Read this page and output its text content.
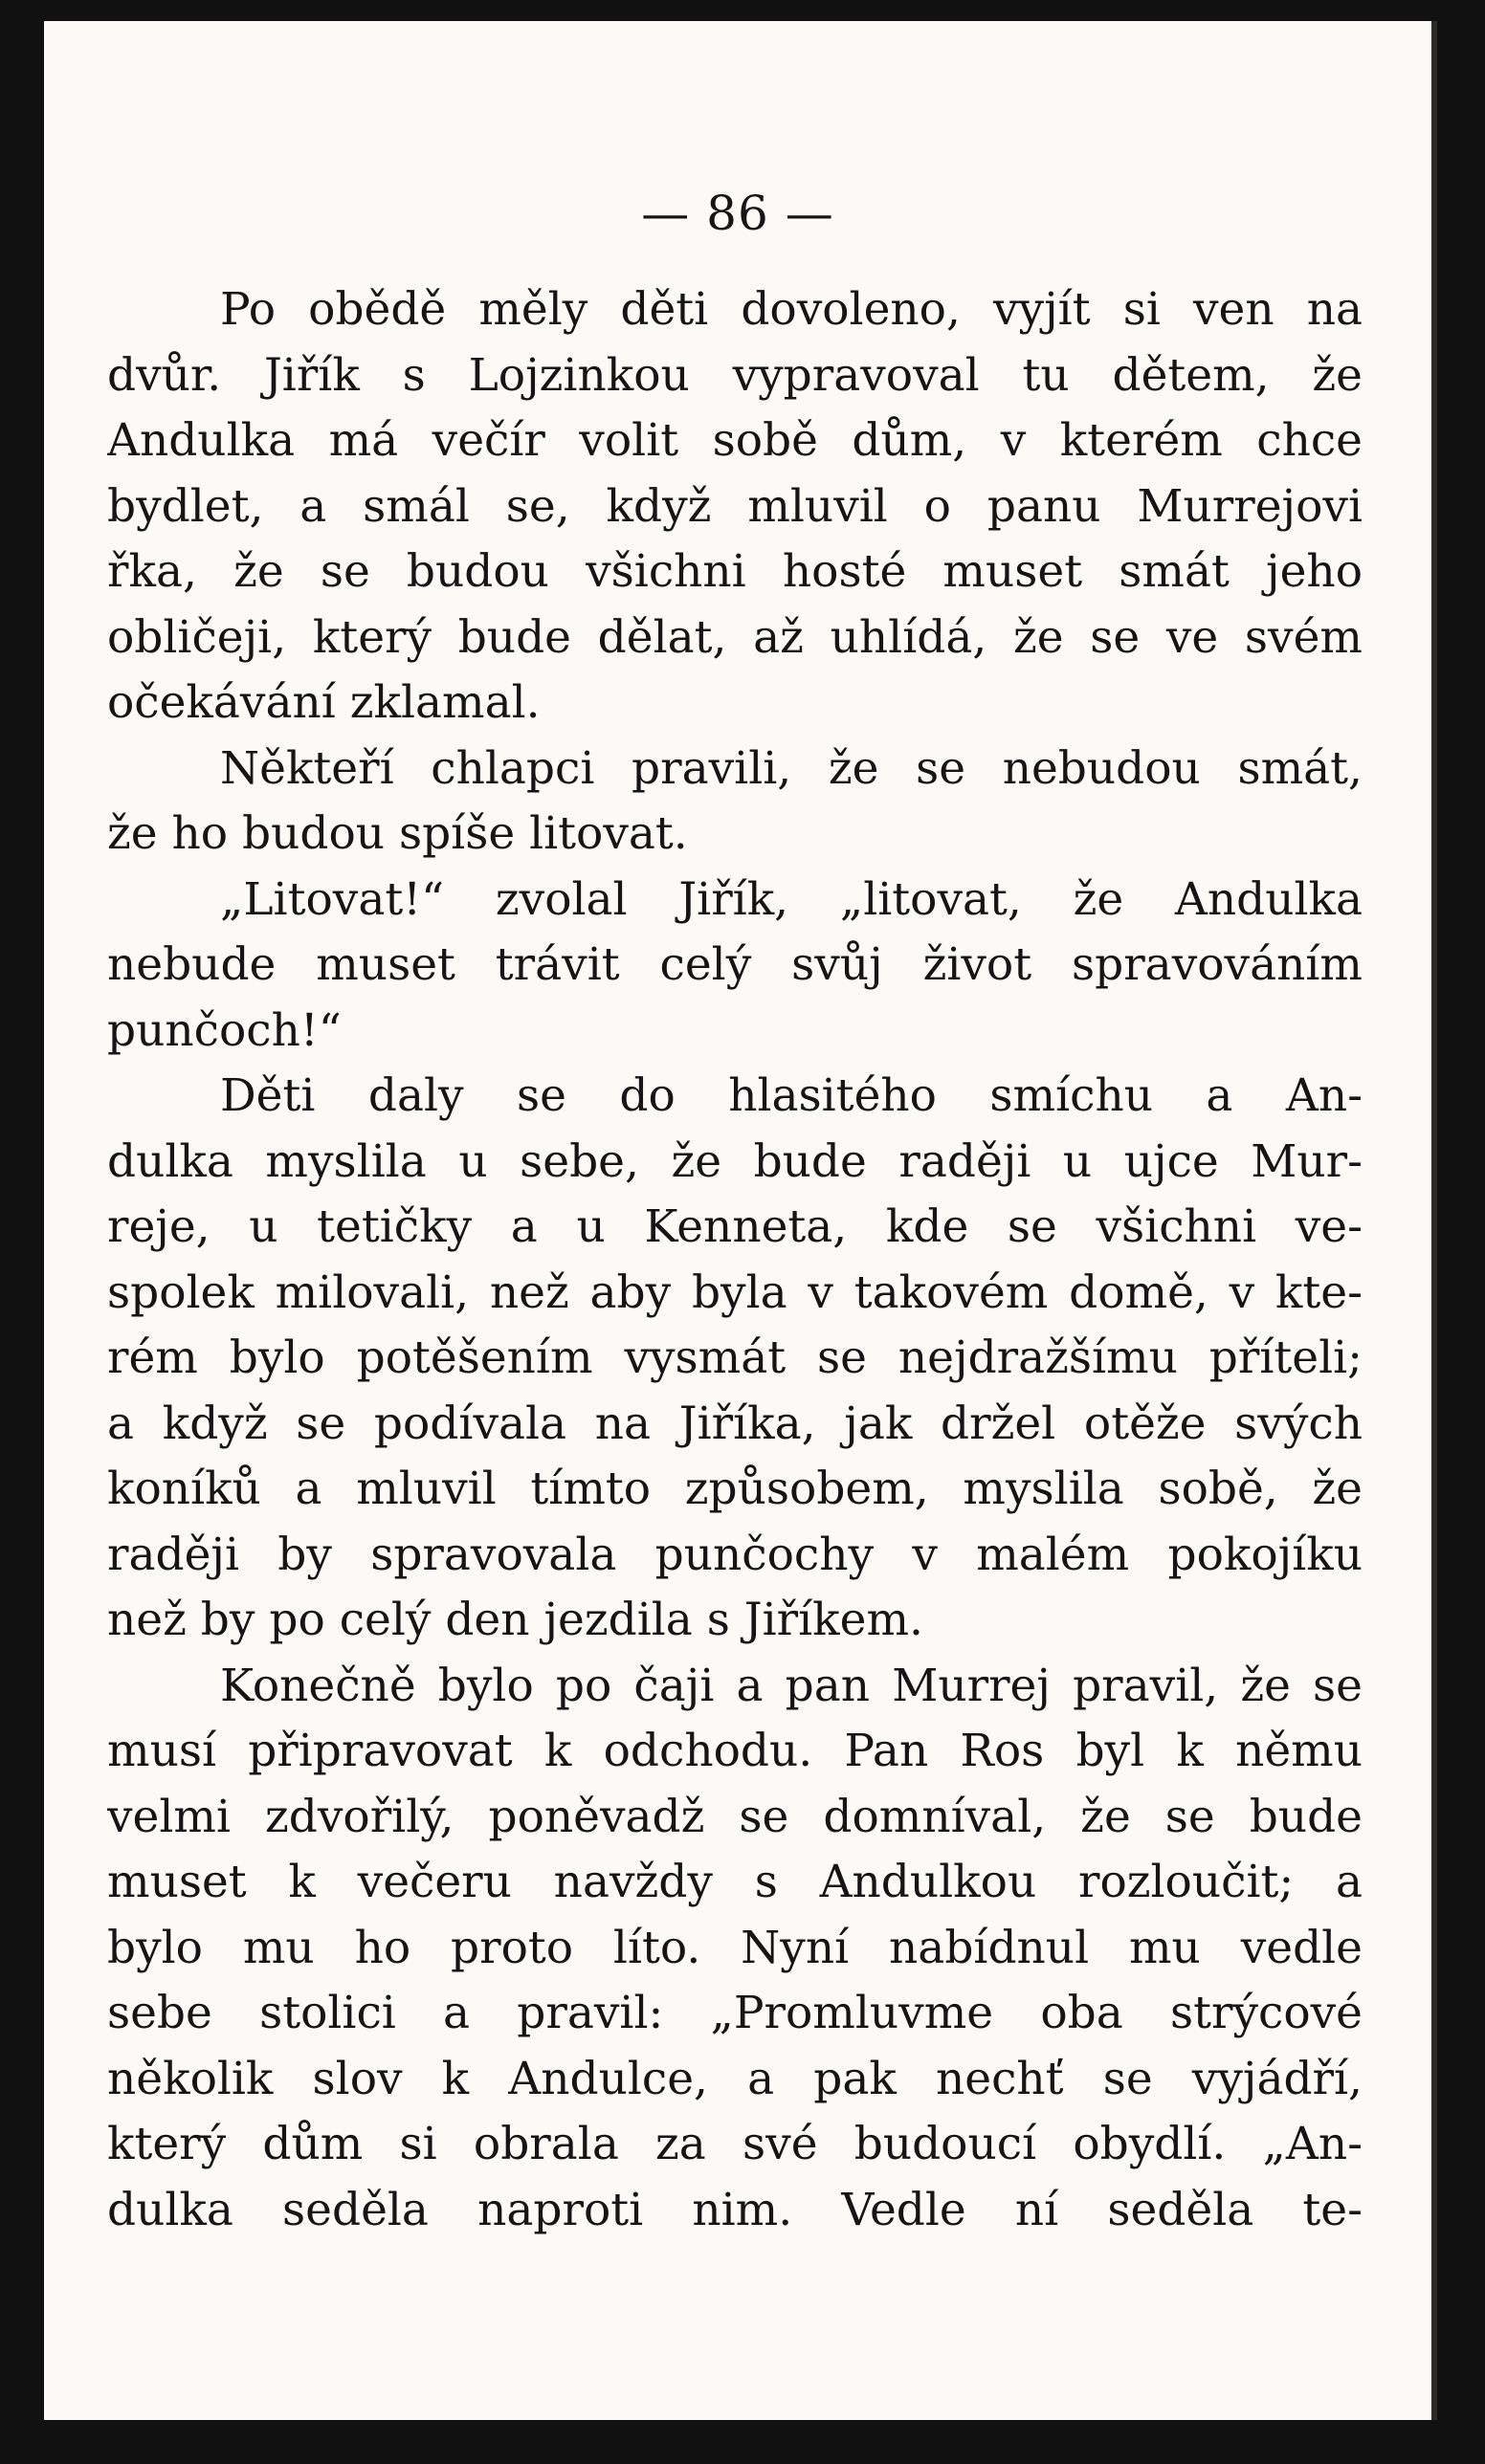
— 86 —
Po obědě měly děti dovoleno, vyjít si ven na
dvůr. Jiřík s Lojzinkou vypravoval tu dětem, že
Andulka má večír volit sobě dům, v kterém chce
bydlet, a smál se, když mluvil o panu Murrejovi
řka, že se budou všichni hosté muset smát jeho
obličeji, který bude dělat, až uhlídá, že se ve svém
očekávání zklamal.
Někteří chlapci pravili, že se nebudou smát,
že ho budou spíše litovat.
„Litovat!“ zvolal Jiřík, „litovat, že Andulka
nebude muset trávit celý svůj život spravováním
punčoch!“
Děti daly se do hlasitého smíchu a An-
dulka myslila u sebe, že bude raději u ujce Mur-
reje, u tetičky a u Kenneta, kde se všichni ve-
spolek milovali, než aby byla v takovém domě, v kte-
rém bylo potěšením vysmát se nejdražšímu příteli;
a když se podívala na Jiříka, jak držel otěže svých
koníků a mluvil tímto způsobem, myslila sobě, že
raději by spravovala punčochy v malém pokojíku
než by po celý den jezdila s Jiříkem.
Konečně bylo po čaji a pan Murrej pravil, že se
musí připravovat k odchodu. Pan Ros byl k němu
velmi zdvořilý, poněvadž se domníval, že se bude
muset k večeru navždy s Andulkou rozloučit; a
bylo mu ho proto líto. Nyní nabídnul mu vedle
sebe stolici a pravil: „Promluvme oba strýcové
několik slov k Andulce, a pak nechť se vyjádří,
který dům si obrala za své budoucí obydlí. „An-
dulka seděla naproti nim. Vedle ní seděla te-
